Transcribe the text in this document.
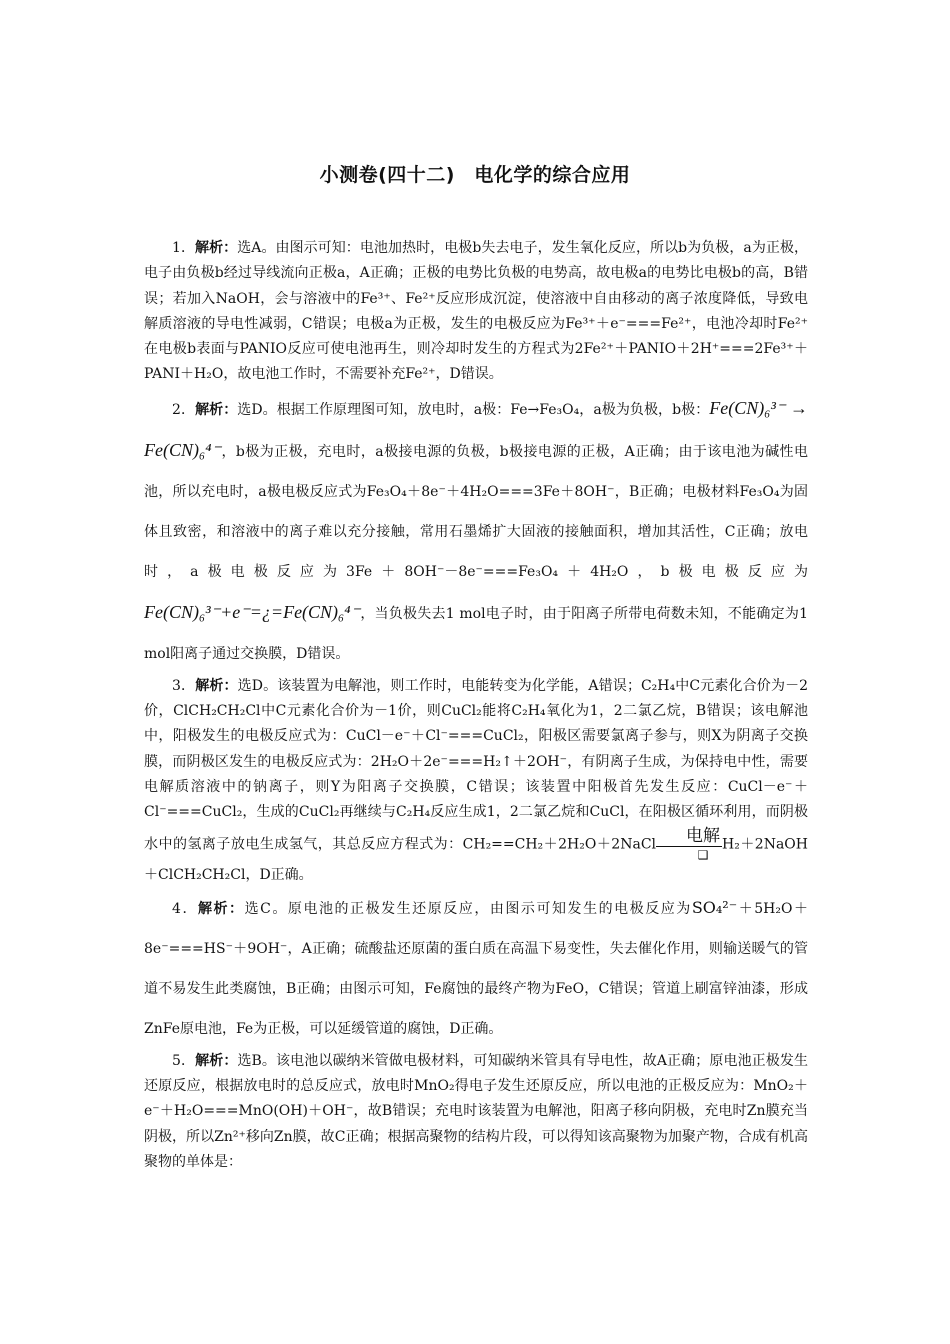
小测卷(四十二)　电化学的综合应用

1．解析：选A。由图示可知：电池加热时，电极b失去电子，发生氧化反应，所以b为负极，a为正极，电子由负极b经过导线流向正极a，A正确；正极的电势比负极的电势高，故电极a的电势比电极b的高，B错误；若加入NaOH，会与溶液中的Fe³⁺、Fe²⁺反应形成沉淀，使溶液中自由移动的离子浓度降低，导致电解质溶液的导电性减弱，C错误；电极a为正极，发生的电极反应为Fe³⁺＋e⁻===Fe²⁺，电池冷却时Fe²⁺在电极b表面与PANIO反应可使电池再生，则冷却时发生的方程式为2Fe²⁺＋PANIO＋2H⁺===2Fe³⁺＋PANI＋H₂O，故电池工作时，不需要补充Fe²⁺，D错误。

2．解析：选D。根据工作原理图可知，放电时，a极：Fe→Fe₃O₄，a极为负极，b极：Fe(CN)₆³⁻ → Fe(CN)₆⁴⁻，b极为正极，充电时，a极接电源的负极，b极接电源的正极，A正确；由于该电池为碱性电池，所以充电时，a极电极反应式为Fe₃O₄＋8e⁻＋4H₂O===3Fe＋8OH⁻，B正确；电极材料Fe₃O₄为固体且致密，和溶液中的离子难以充分接触，常用石墨烯扩大固液的接触面积，增加其活性，C正确；放电时，a极电极反应为3Fe＋8OH⁻－8e⁻===Fe₃O₄＋4H₂O，b极电极反应为Fe(CN)₆³⁻+e⁻=¿=Fe(CN)₆⁴⁻，当负极失去1 mol电子时，由于阳离子所带电荷数未知，不能确定为1 mol阳离子通过交换膜，D错误。

3．解析：选D。该装置为电解池，则工作时，电能转变为化学能，A错误；C₂H₄中C元素化合价为－2价，ClCH₂CH₂Cl中C元素化合价为－1价，则CuCl₂能将C₂H₄氧化为1，2二氯乙烷，B错误；该电解池中，阳极发生的电极反应式为：CuCl－e⁻＋Cl⁻===CuCl₂，阳极区需要氯离子参与，则X为阴离子交换膜，而阴极区发生的电极反应式为：2H₂O＋2e⁻===H₂↑＋2OH⁻，有阴离子生成，为保持电中性，需要电解质溶液中的钠离子，则Y为阳离子交换膜，C错误；该装置中阳极首先发生反应：CuCl－e⁻＋Cl⁻===CuCl₂，生成的CuCl₂再继续与C₂H₄反应生成1，2二氯乙烷和CuCl，在阳极区循环利用，而阴极水中的氢离子放电生成氢气，其总反应方程式为：CH₂==CH₂＋2H₂O＋2NaCl $\frac{\text{电解}}{❑}$ H₂＋2NaOH＋ClCH₂CH₂Cl，D正确。

4．解析：选C。原电池的正极发生还原反应，由图示可知发生的电极反应为SO₄²⁻＋5H₂O＋8e⁻===HS⁻＋9OH⁻，A正确；硫酸盐还原菌的蛋白质在高温下易变性，失去催化作用，则输送暖气的管道不易发生此类腐蚀，B正确；由图示可知，Fe腐蚀的最终产物为FeO，C错误；管道上刷富锌油漆，形成ZnFe原电池，Fe为正极，可以延缓管道的腐蚀，D正确。

5．解析：选B。该电池以碳纳米管做电极材料，可知碳纳米管具有导电性，故A正确；原电池正极发生还原反应，根据放电时的总反应式，放电时MnO₂得电子发生还原反应，所以电池的正极反应为：MnO₂＋e⁻＋H₂O===MnO(OH)＋OH⁻，故B错误；充电时该装置为电解池，阳离子移向阴极，充电时Zn膜充当阴极，所以Zn²⁺移向Zn膜，故C正确；根据高聚物的结构片段，可以得知该高聚物为加聚产物，合成有机高聚物的单体是：
